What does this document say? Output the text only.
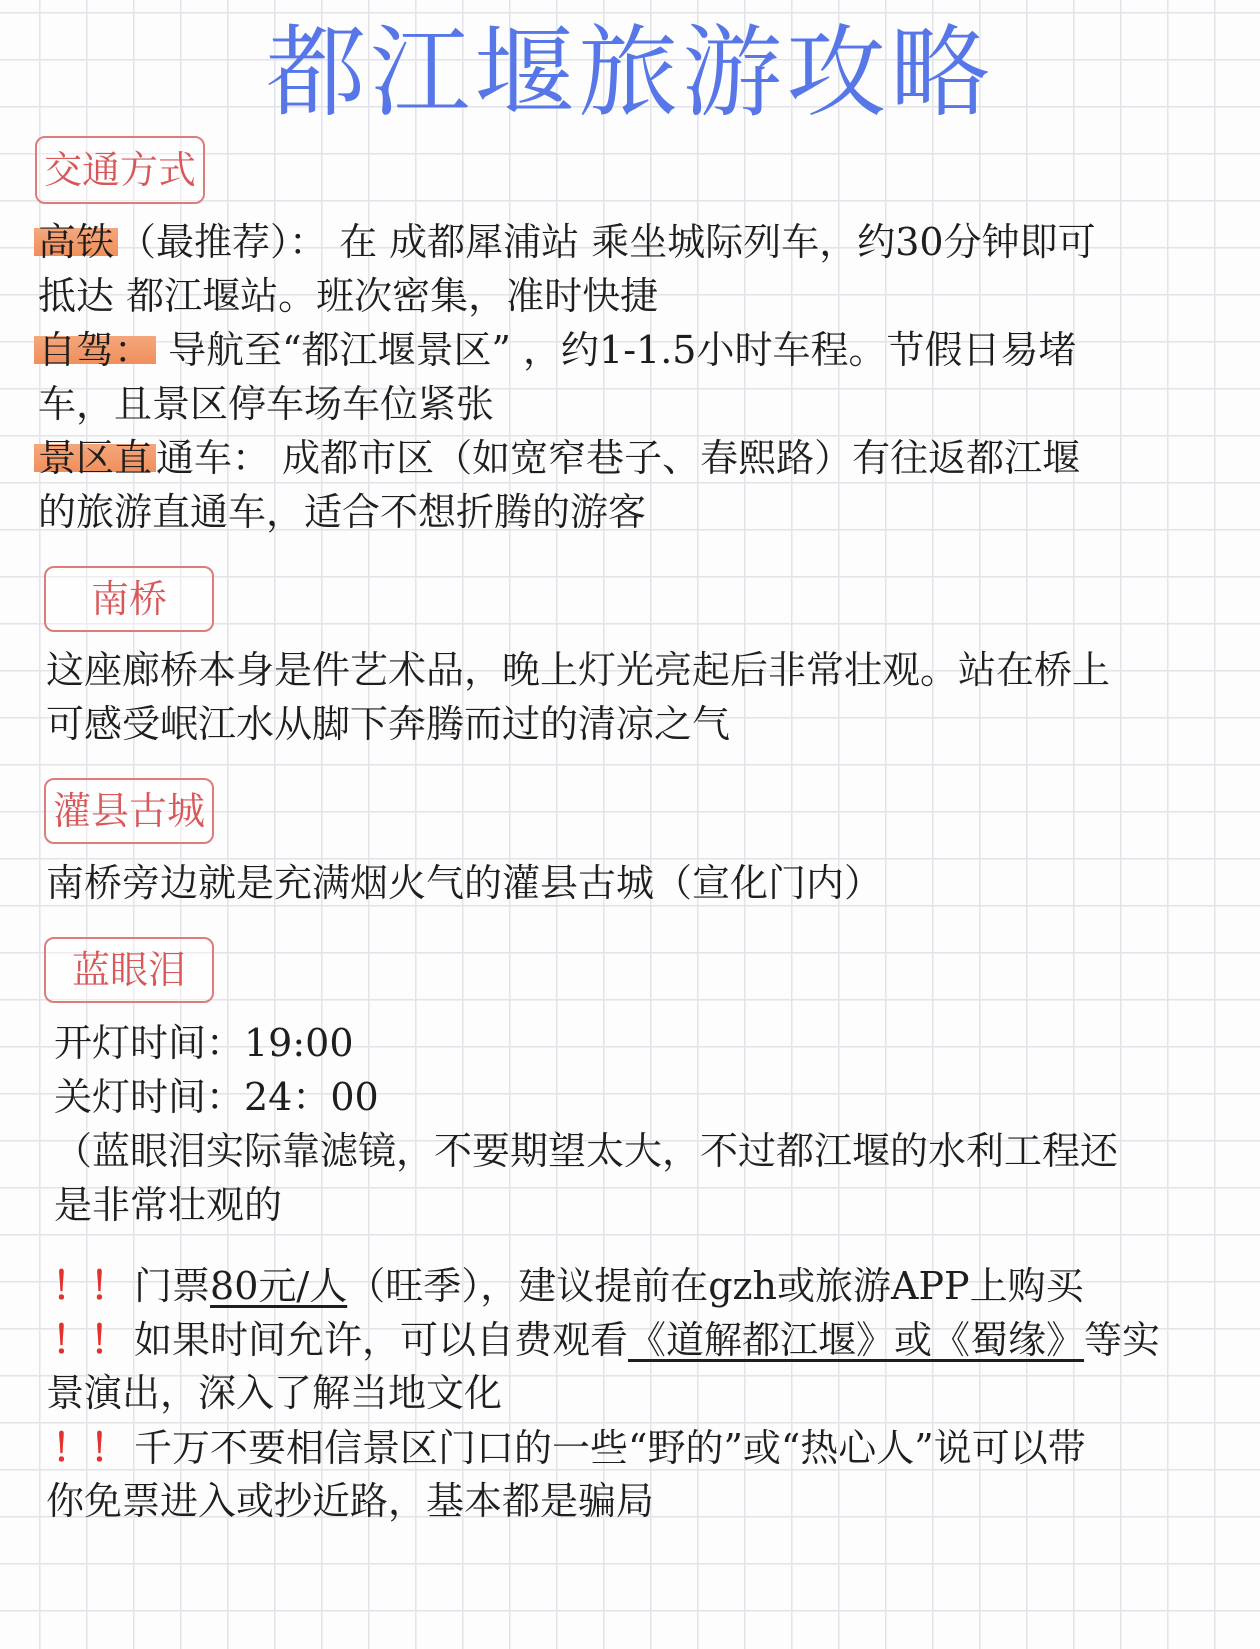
都江堰旅游攻略
交通方式
高铁 （最推荐）： 在 成都犀浦站 乘坐城际列车，约30分钟即可
抵达 都江堰站。班次密集，准时快捷
自驾： 导航至“都江堰景区” ，约1-1.5小时车程。节假日易堵
车，且景区停车场车位紧张
景区直 通车： 成都市区（如宽窄巷子、春熙路）有往返都江堰
的旅游直通车，适合不想折腾的游客
南桥
这座廊桥本身是件艺术品，晚上灯光亮起后非常壮观。站在桥上
可感受岷江水从脚下奔腾而过的清凉之气
灌县古城
南桥旁边就是充满烟火气的灌县古城（宣化门内）
蓝眼泪
开灯时间：19:00
关灯时间：24：00
（蓝眼泪实际靠滤镜，不要期望太大，不过都江堰的水利工程还
是非常壮观的
！！ 门票80元/人（旺季），建议提前在gzh或旅游APP上购买
！！ 如果时间允许，可以自费观看《道解都江堰》或《蜀缘》等实
景演出，深入了解当地文化
！！ 千万不要相信景区门口的一些“野的”或“热心人”说可以带
你免票进入或抄近路，基本都是骗局
